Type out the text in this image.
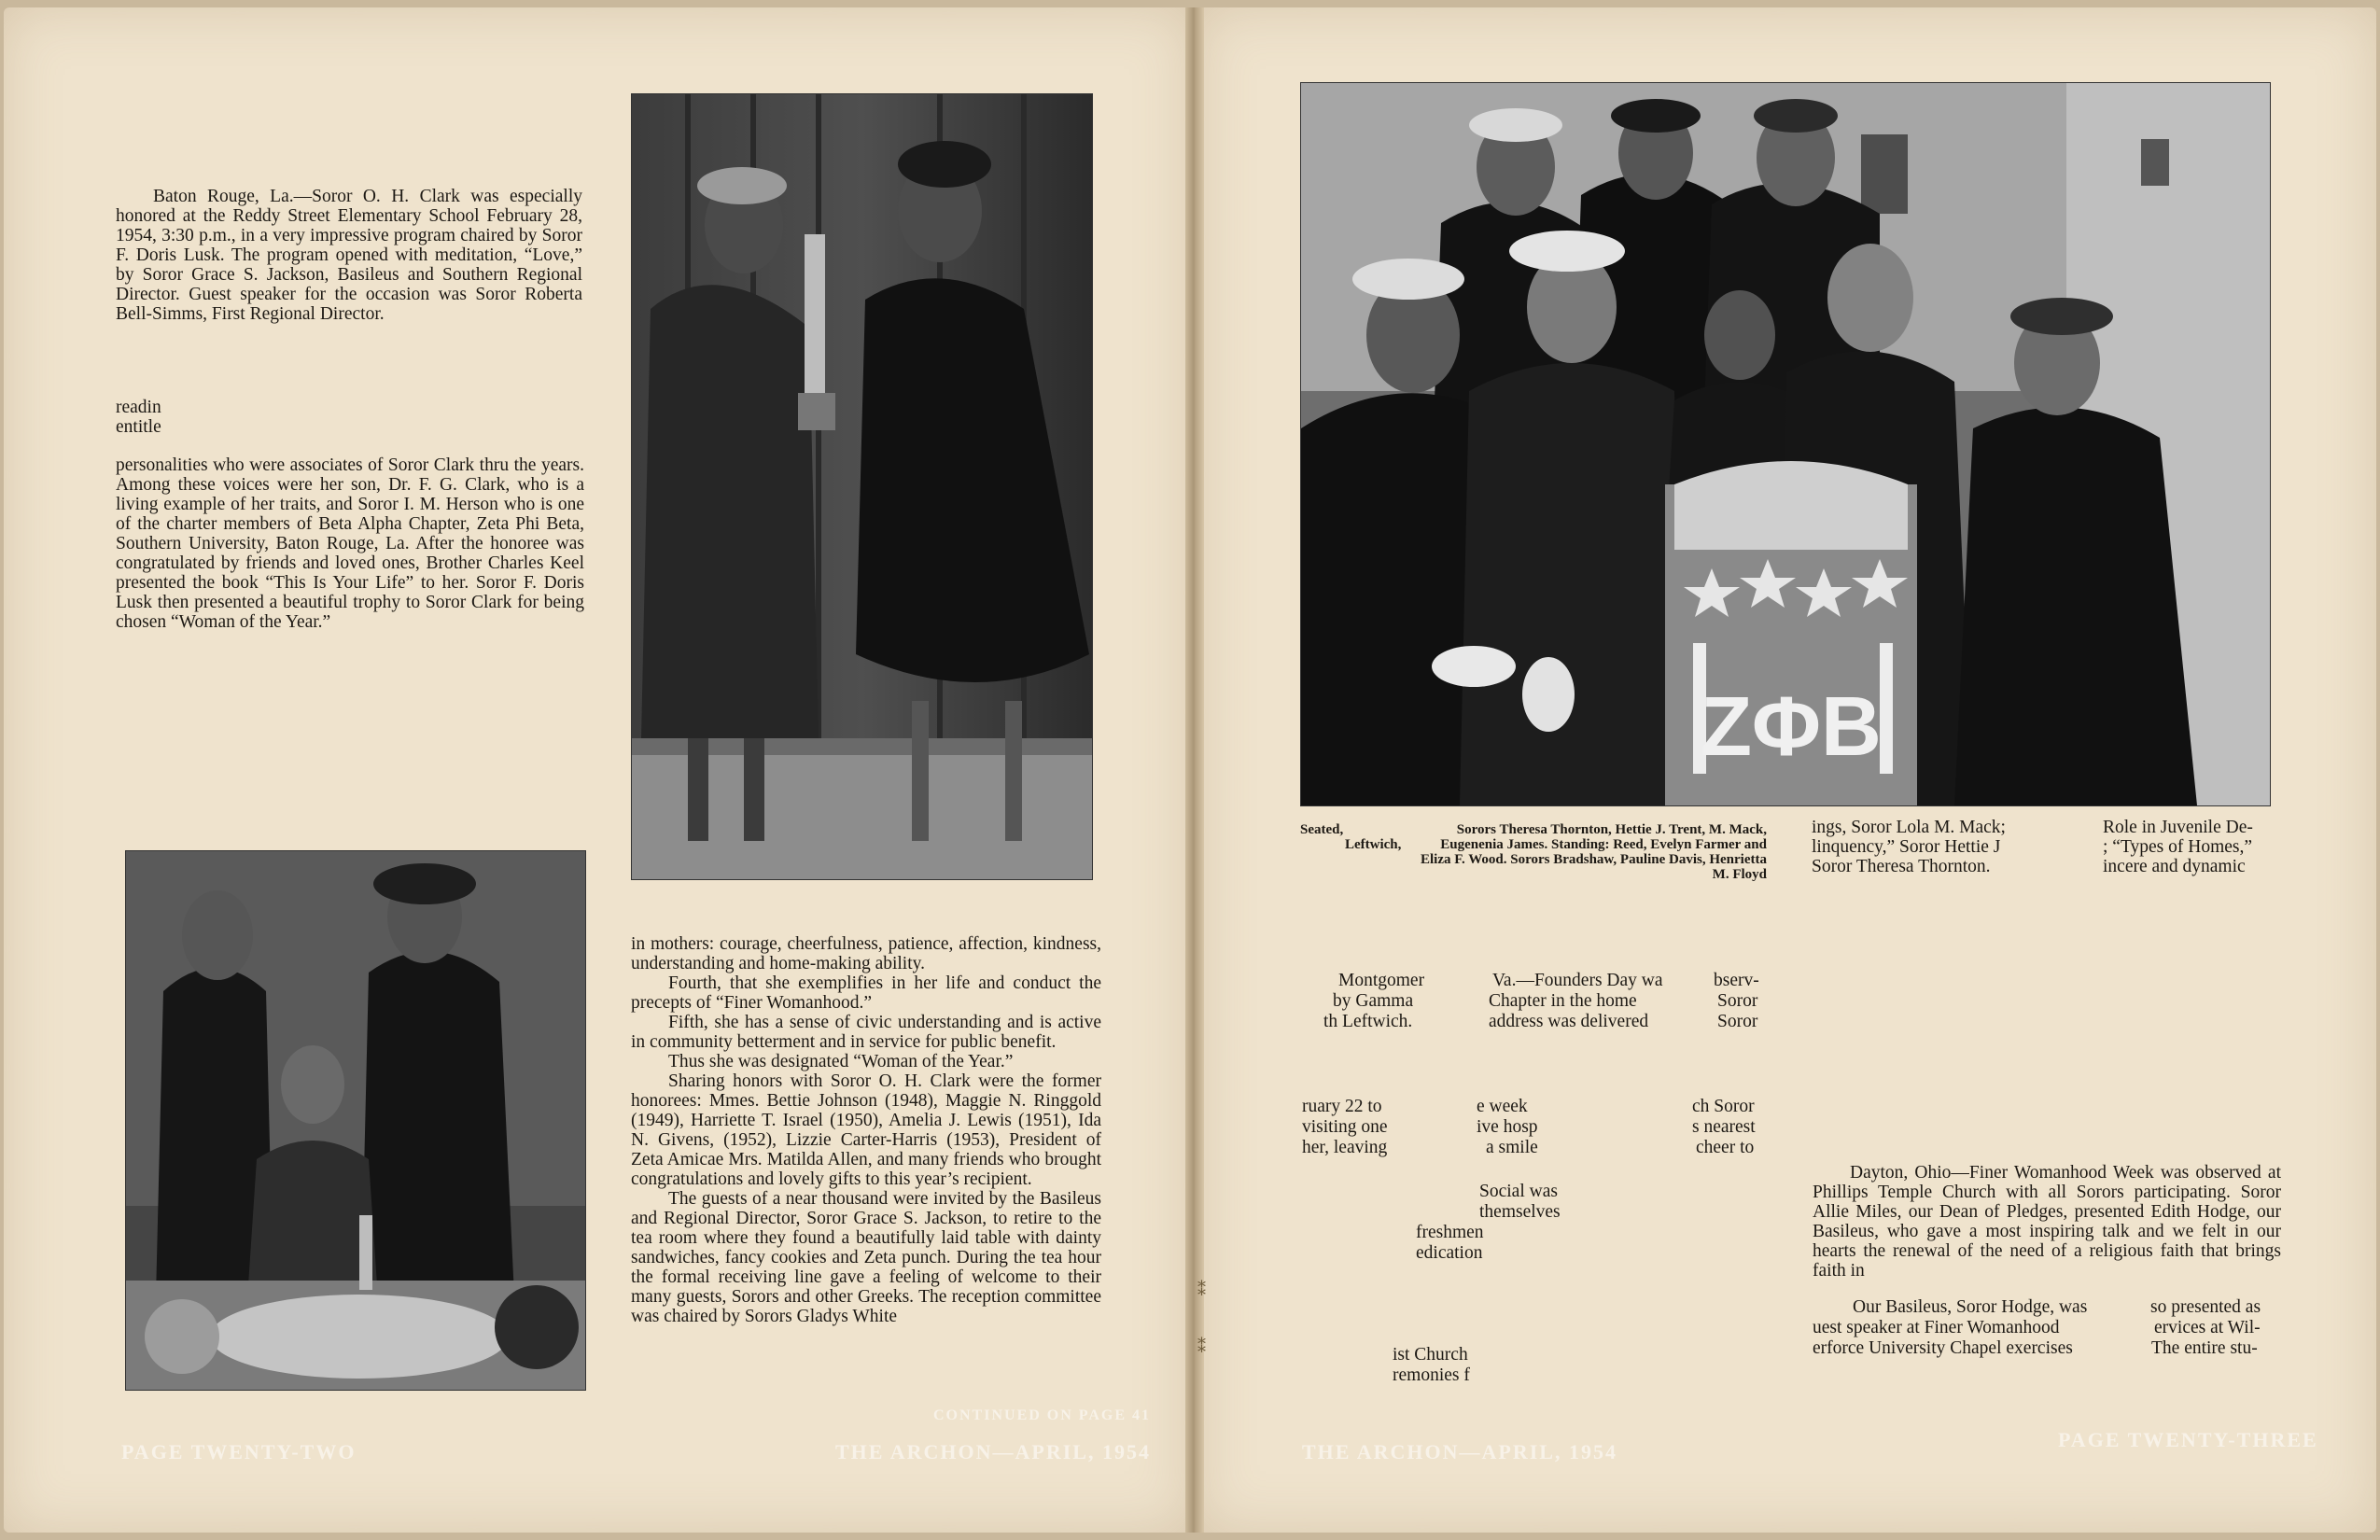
⁑
⁑

Baton Rouge, La.—Soror O. H. Clark was especially honored at the Reddy Street Elementary School February 28, 1954, 3:30 p.m., in a very impressive program chaired by Soror F. Doris Lusk. The program opened with meditation, “Love,” by Soror Grace S. Jackson, Basileus and Southern Regional Director. Guest speaker for the occasion was Soror Roberta Bell-Simms, First Regional Director.

readin
entitle

personalities who were associates of Soror Clark thru the years. Among these voices were her son, Dr. F. G. Clark, who is a living example of her traits, and Soror I. M. Herson who is one of the charter members of Beta Alpha Chapter, Zeta Phi Beta, Southern University, Baton Rouge, La. After the honoree was congratulated by friends and loved ones, Brother Charles Keel presented the book “This Is Your Life” to her. Soror F. Doris Lusk then presented a beautiful trophy to Soror Clark for being chosen “Woman of the Year.”

in mothers: courage, cheerfulness, patience, affection, kindness, understanding and home-making ability.

Fourth, that she exemplifies in her life and conduct the precepts of “Finer Womanhood.”

Fifth, she has a sense of civic understanding and is active in community betterment and in service for public benefit.

Thus she was designated “Woman of the Year.”

Sharing honors with Soror O. H. Clark were the former honorees: Mmes. Bettie Johnson (1948), Maggie N. Ringgold (1949), Harriette T. Israel (1950), Amelia J. Lewis (1951), Ida N. Givens, (1952), Lizzie Carter-Harris (1953), President of Zeta Amicae Mrs. Matilda Allen, and many friends who brought congratulations and lovely gifts to this year’s recipient.

The guests of a near thousand were invited by the Basileus and Regional Director, Soror Grace S. Jackson, to retire to the tea room where they found a beautifully laid table with dainty sandwiches, fancy cookies and Zeta punch. During the tea hour the formal receiving line gave a feeling of welcome to their many guests, Sorors and other Greeks. The reception committee was chaired by Sorors Gladys White

CONTINUED ON PAGE 41
PAGE TWENTY-TWO	THE ARCHON—APRIL, 1954
ZΦB
Seated,
Leftwich,
Sorors Theresa Thornton, Hettie J. Trent, M. Mack, Eugenenia James. Standing: Reed, Evelyn Farmer and Eliza F. Wood. Sorors Bradshaw, Pauline Davis, Henrietta M. Floyd
ings, Soror Lola M. Mack;
linquency,” Soror Hettie J
Soror Theresa Thornton.
Role in Juvenile De-
; “Types of Homes,”
incere and dynamic
Montgomer
by Gamma
th Leftwich.
Va.—Founders Day wa
Chapter in the home
address was delivered
bserv-
Soror
Soror
ruary 22 to
visiting one
her, leaving
e week
ive hosp
a smile
ch Soror
s nearest
cheer to
Social was
themselves
freshmen
edication
ist Church
remonies f

Dayton, Ohio—Finer Womanhood Week was observed at Phillips Temple Church with all Sorors participating. Soror Allie Miles, our Dean of Pledges, presented Edith Hodge, our Basileus, who gave a most inspiring talk and we felt in our hearts the renewal of the need of a religious faith that brings faith in

Our Basileus, Soror Hodge, was
uest speaker at Finer Womanhood
erforce University Chapel exercises
so presented as
ervices at Wil-
The entire stu-
THE ARCHON—APRIL, 1954
PAGE TWENTY-THREE
